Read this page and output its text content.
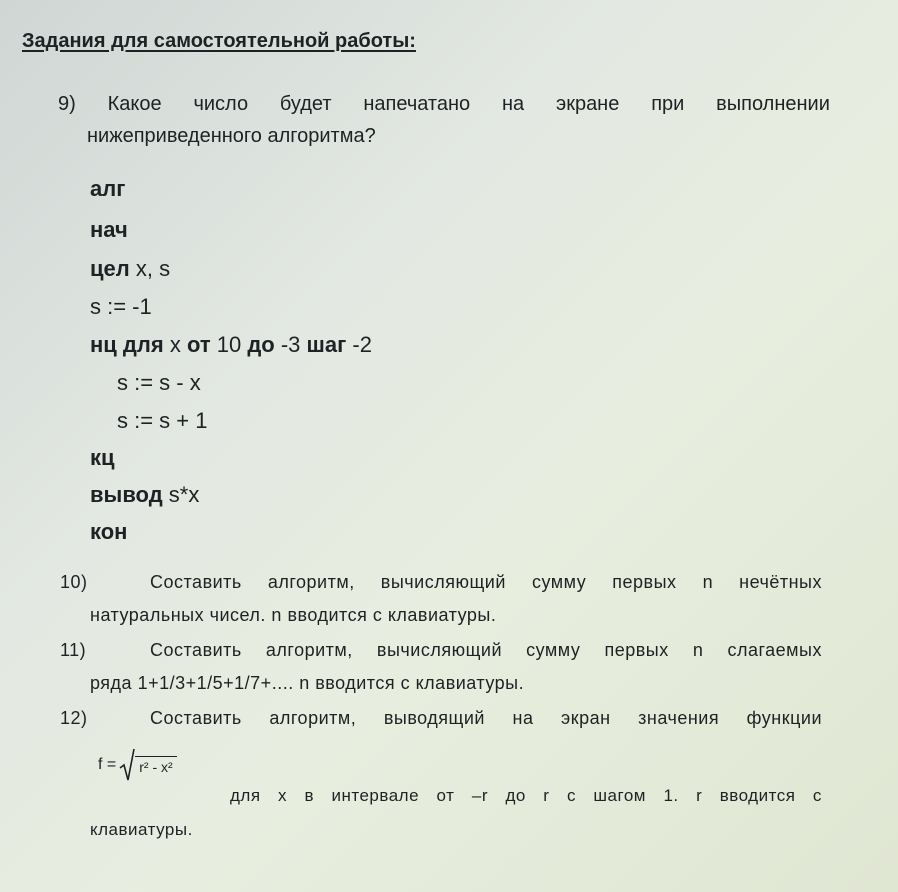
Задания для самостоятельной работы:
9) Какое число будет напечатано на экране при выполнении
нижеприведенного алгоритма?
алг
нач
цел x, s
s := -1
нц для x от 10 до -3 шаг -2
s := s - x
s := s + 1
кц
вывод s*x
кон
10)	Составить алгоритм, вычисляющий сумму первых n нечётных
натуральных чисел. n вводится с клавиатуры.
11)	Составить алгоритм, вычисляющий сумму первых n слагаемых
ряда 1+1/3+1/5+1/7+.... n вводится с клавиатуры.
12)	Составить алгоритм, выводящий на экран значения функции
f = r² - x²
для x в интервале от –r до r с шагом 1. r вводится с
клавиатуры.
